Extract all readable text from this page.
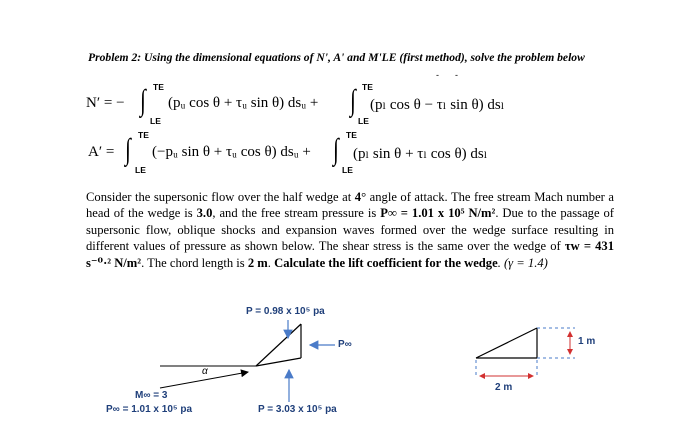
Problem 2: Using the dimensional equations of N', A' and M'LE (first method), solve the problem below
- -
N′ = − ∫ TE
LE
(pᵤ cos θ + τᵤ sin θ) dsᵤ + ∫ TE
LE
(pₗ cos θ − τₗ sin θ) dsₗ
A′ = ∫ TE
LE
(−pᵤ sin θ + τᵤ cos θ) dsᵤ + ∫ TE
LE
(pₗ sin θ + τₗ cos θ) dsₗ
Consider the supersonic flow over the half wedge at 4° angle of attack. The free stream Mach number a head of the wedge is 3.0, and the free stream pressure is P∞ = 1.01 x 10⁵ N/m². Due to the passage of supersonic flow, oblique shocks and expansion waves formed over the wedge surface resulting in different values of pressure as shown below. The shear stress is the same over the wedge of τw = 431 s⁻⁰·² N/m². The chord length is 2 m. Calculate the lift coefficient for the wedge. (γ = 1.4)
P = 0.98 x 10⁵ pa
P∞
α
M∞ = 3
P∞ = 1.01 x 10⁵ pa	P = 3.03 x 10⁵ pa
1 m
2 m
